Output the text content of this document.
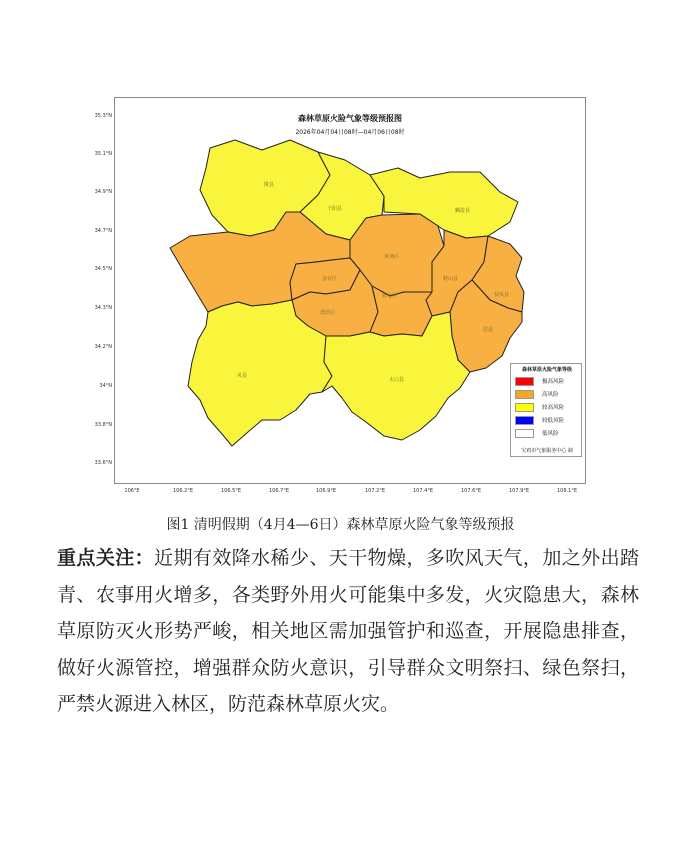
森林草原火险气象等级预报图
2026年04月04日08时—04月06日08时
35.3°N
35.1°N
34.9°N
34.7°N
34.5°N
34.3°N
34.2°N
34°N
33.8°N
33.6°N
106°E	106.2°E	106.5°E	106.7°E	106.9°E	107.2°E	107.4°E	107.6°E	107.9°E	108.1°E
陇县
千阳县	麟游县
凤翔区
金台区
渭滨区
陈仓区
岐山县
扶风县
眉县
凤县
太白县
森林草原火险气象等级
极高风险
高风险
较高风险
较低风险
低风险
宝鸡市气象服务中心 制
图1 清明假期（4月4—6日）森林草原火险气象等级预报
重点关注：近期有效降水稀少、天干物燥，多吹风天气，加之外出踏青、农事用火增多，各类野外用火可能集中多发，火灾隐患大，森林草原防灭火形势严峻，相关地区需加强管护和巡查，开展隐患排查，做好火源管控，增强群众防火意识，引导群众文明祭扫、绿色祭扫，严禁火源进入林区，防范森林草原火灾。
